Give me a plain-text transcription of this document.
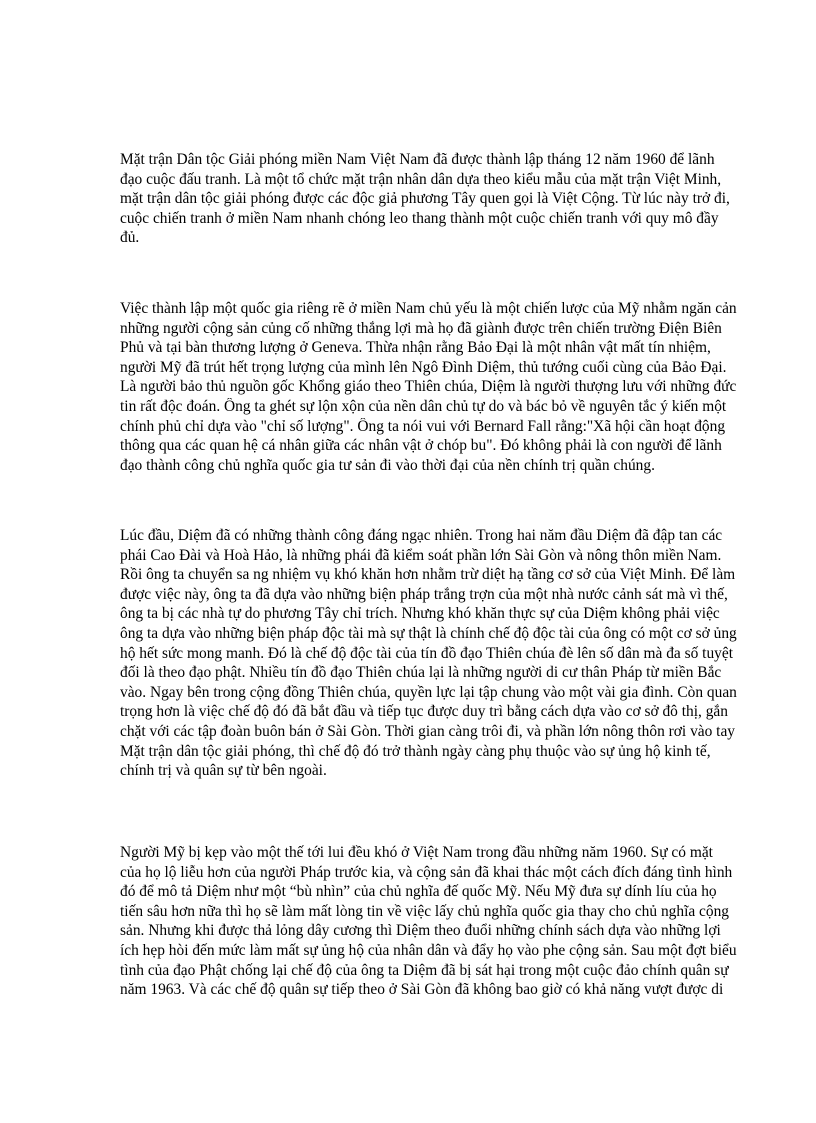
Mặt trận Dân tộc Giải phóng miền Nam Việt Nam đã được thành lập tháng 12 năm 1960 để lãnh
đạo cuộc đấu tranh. Là một tổ chức mặt trận nhân dân dựa theo kiểu mẫu của mặt trận Việt Minh,
mặt trận dân tộc giải phóng được các độc giả phương Tây quen gọi là Việt Cộng. Từ lúc này trở đi,
cuộc chiến tranh ở miền Nam nhanh chóng leo thang thành một cuộc chiến tranh với quy mô đầy
đủ.

Việc thành lập một quốc gia riêng rẽ ở miền Nam chủ yếu là một chiến lược của Mỹ nhằm ngăn cản
những người cộng sản củng cố những thắng lợi mà họ đã giành được trên chiến trường Điện Biên
Phủ và tại bàn thương lượng ở Geneva. Thừa nhận rằng Bảo Đại là một nhân vật mất tín nhiệm,
người Mỹ đã trút hết trọng lượng của mình lên Ngô Đình Diệm, thủ tướng cuối cùng của Bảo Đại.
Là người bảo thủ nguồn gốc Khổng giáo theo Thiên chúa, Diệm là người thượng lưu với những đức
tin rất độc đoán. Ông ta ghét sự lộn xộn của nền dân chủ tự do và bác bỏ về nguyên tắc ý kiến một
chính phủ chỉ dựa vào "chỉ số lượng". Ông ta nói vui với Bernard Fall rằng:"Xã hội cần hoạt động
thông qua các quan hệ cá nhân giữa các nhân vật ở chóp bu". Đó không phải là con người để lãnh
đạo thành công chủ nghĩa quốc gia tư sản đi vào thời đại của nền chính trị quần chúng.

Lúc đầu, Diệm đã có những thành công đáng ngạc nhiên. Trong hai năm đầu Diệm đã đập tan các
phái Cao Đài và Hoà Hảo, là những phái đã kiểm soát phần lớn Sài Gòn và nông thôn miền Nam.
Rồi ông ta chuyển sa ng nhiệm vụ khó khăn hơn nhằm trừ diệt hạ tầng cơ sở của Việt Minh. Để làm
được việc này, ông ta đã dựa vào những biện pháp trắng trợn của một nhà nước cảnh sát mà vì thế,
ông ta bị các nhà tự do phương Tây chỉ trích. Nhưng khó khăn thực sự của Diệm không phải việc
ông ta dựa vào những biện pháp độc tài mà sự thật là chính chế độ độc tài của ông có một cơ sở ủng
hộ hết sức mong manh. Đó là chế độ độc tài của tín đồ đạo Thiên chúa đè lên số dân mà đa số tuyệt
đối là theo đạo phật. Nhiều tín đồ đạo Thiên chúa lại là những người di cư thân Pháp từ miền Bắc
vào. Ngay bên trong cộng đồng Thiên chúa, quyền lực lại tập chung vào một vài gia đình. Còn quan
trọng hơn là việc chế độ đó đã bắt đầu và tiếp tục được duy trì bằng cách dựa vào cơ sở đô thị, gắn
chặt với các tập đoàn buôn bán ở Sài Gòn. Thời gian càng trôi đi, và phần lớn nông thôn rơi vào tay
Mặt trận dân tộc giải phóng, thì chế độ đó trở thành ngày càng phụ thuộc vào sự ủng hộ kinh tế,
chính trị và quân sự từ bên ngoài.

Người Mỹ bị kẹp vào một thế tới lui đều khó ở Việt Nam trong đầu những năm 1960. Sự có mặt
của họ lộ liễu hơn của người Pháp trước kia, và cộng sản đã khai thác một cách đích đáng tình hình
đó để mô tả Diệm như một “bù nhìn” của chủ nghĩa đế quốc Mỹ. Nếu Mỹ đưa sự dính líu của họ
tiến sâu hơn nữa thì họ sẽ làm mất lòng tin về việc lấy chủ nghĩa quốc gia thay cho chủ nghĩa cộng
sản. Nhưng khi được thả lỏng dây cương thì Diệm theo đuổi những chính sách dựa vào những lợi
ích hẹp hòi đến mức làm mất sự ủng hộ của nhân dân và đẩy họ vào phe cộng sản. Sau một đợt biểu
tình của đạo Phật chống lại chế độ của ông ta Diệm đã bị sát hại trong một cuộc đảo chính quân sự
năm 1963. Và các chế độ quân sự tiếp theo ở Sài Gòn đã không bao giờ có khả năng vượt được di
